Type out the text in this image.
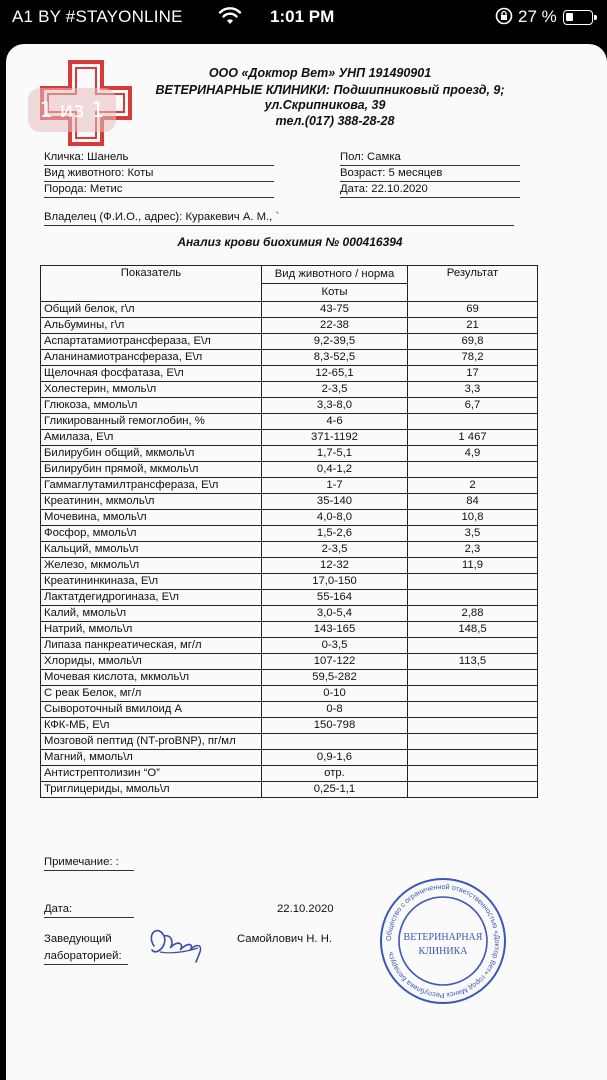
A1 BY #STAYONLINE	1:01 PM	27 %
1 из 1
ООО «Доктор Вет» УНП 191490901
ВЕТЕРИНАРНЫЕ КЛИНИКИ: Подшипниковый проезд, 9;
ул.Скрипникова, 39
тел.(017) 388-28-28
Кличка: Шанель	Пол: Самка
Вид животного: Коты	Возраст: 5 месяцев
Порода: Метис	Дата: 22.10.2020
Владелец (Ф.И.О., адрес): Куракевич А. М., `
Анализ крови биохимия № 000416394
Показатель	Вид животного / норма	Результат
	Коты	
Общий белок, г\л	43-75	69
Альбумины, г\л	22-38	21
Аспартатамиотрансфераза, Е\л	9,2-39,5	69,8
Аланинамиотрансфераза, Е\л	8,3-52,5	78,2
Щелочная фосфатаза, Е\л	12-65,1	17
Холестерин, ммоль\л	2-3,5	3,3
Глюкоза, ммоль\л	3,3-8,0	6,7
Гликированный гемоглобин, %	4-6	
Амилаза, Е\л	371-1192	1 467
Билирубин общий, мкмоль\л	1,7-5,1	4,9
Билирубин прямой, мкмоль\л	0,4-1,2	
Гаммаглутамилтрансфераза, Е\л	1-7	2
Креатинин, мкмоль\л	35-140	84
Мочевина, ммоль\л	4,0-8,0	10,8
Фосфор, ммоль\л	1,5-2,6	3,5
Кальций, ммоль\л	2-3,5	2,3
Железо, мкмоль\л	12-32	11,9
Креатининкиназа, Е\л	17,0-150	
Лактатдегидрогиназа, Е\л	55-164	
Калий, ммоль\л	3,0-5,4	2,88
Натрий, ммоль\л	143-165	148,5
Липаза панкреатическая, мг/л	0-3,5	
Хлориды, ммоль\л	107-122	113,5
Мочевая кислота, мкмоль\л	59,5-282	
С реак Белок, мг/л	0-10	
Сывороточный вмилоид А	0-8	
КФК-МБ, Е\л	150-798	
Мозговой пептид (NT-proBNP), пг/мл		
Магний, ммоль\л	0,9-1,6	
Антистрептолизин “О”	отр.	
Триглицериды, ммоль\л	0,25-1,1	
Примечание: :
Дата:	22.10.2020
Заведующий
лабораторией:
Самойлович Н. Н.	Общество с ограниченной ответственностью «Доктор Вет» город Минск Республика Беларусь
ВЕТЕРИНАРНАЯ
КЛИНИКА
